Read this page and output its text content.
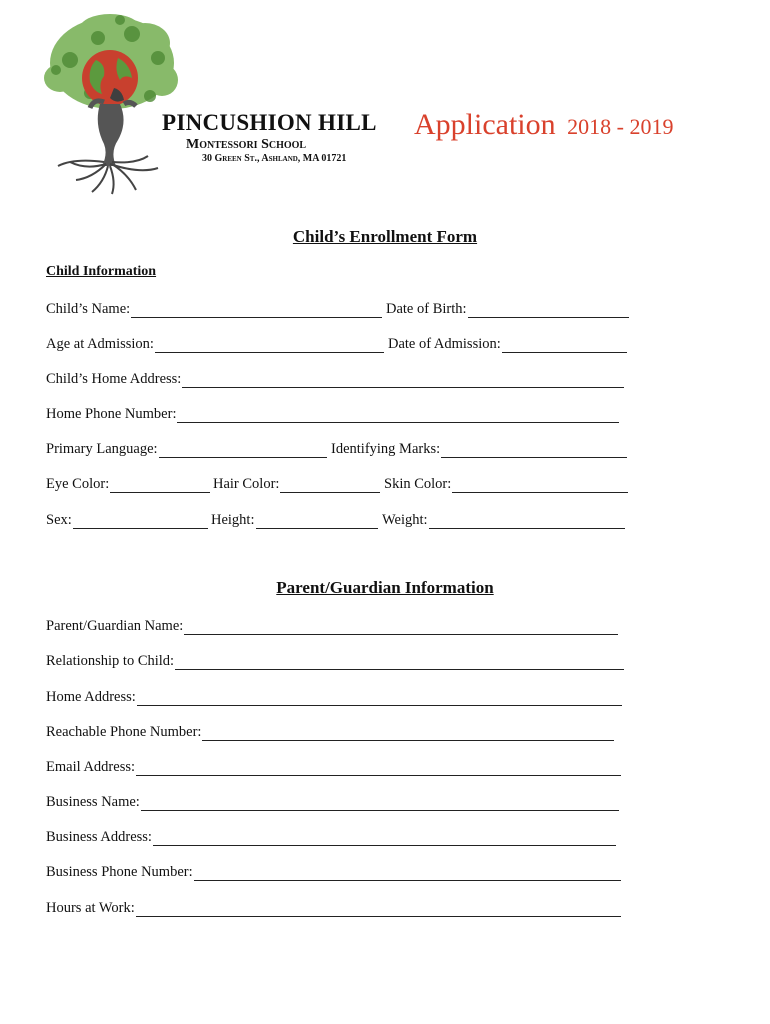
PINCUSHION HILL
Montessori School
30 Green St., Ashland, MA 01721
Application 2018 - 2019
Child’s Enrollment Form
Child Information
Child’s Name:	Date of Birth:
Age at Admission:	Date of Admission:
Child’s Home Address:
Home Phone Number:
Primary Language:	Identifying Marks:
Eye Color:	Hair Color:	Skin Color:
Sex:	Height:	Weight:
Parent/Guardian Information
Parent/Guardian Name:
Relationship to Child:
Home Address:
Reachable Phone Number:
Email Address:
Business Name:
Business Address:
Business Phone Number:
Hours at Work:
